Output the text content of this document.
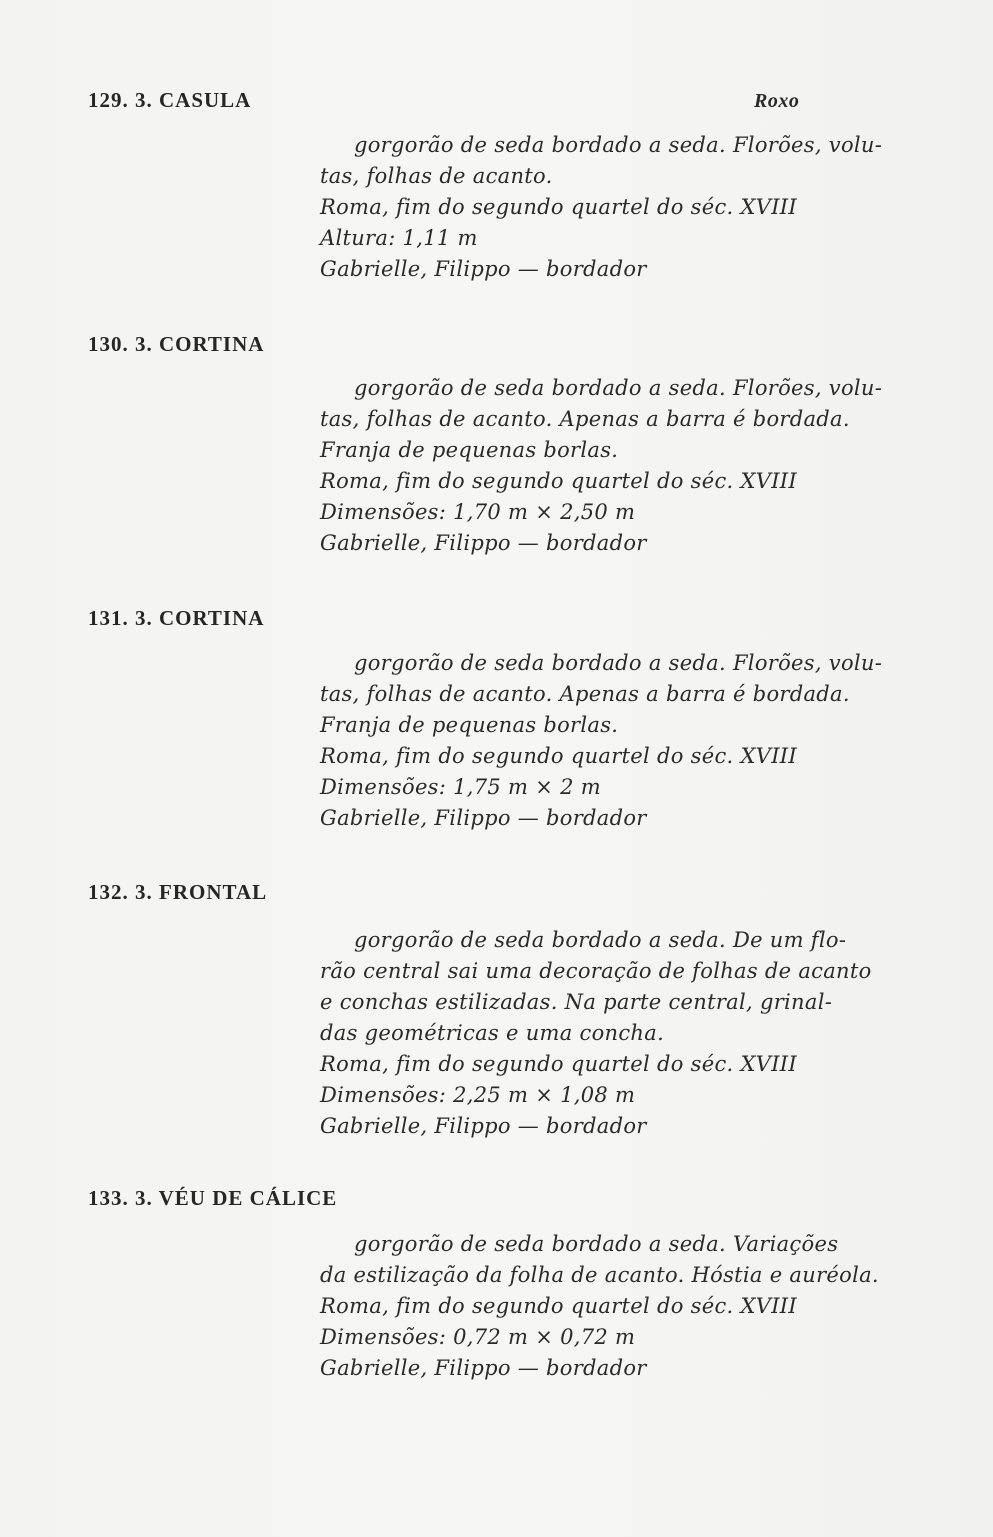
Roxo
129. 3. CASULA
gorgorão de seda bordado a seda. Florões, volu-
tas, folhas de acanto.
Roma, fim do segundo quartel do séc. XVIII
Altura: 1,11 m
Gabrielle, Filippo — bordador
130. 3. CORTINA
gorgorão de seda bordado a seda. Florões, volu-
tas, folhas de acanto. Apenas a barra é bordada.
Franja de pequenas borlas.
Roma, fim do segundo quartel do séc. XVIII
Dimensões: 1,70 m × 2,50 m
Gabrielle, Filippo — bordador
131. 3. CORTINA
gorgorão de seda bordado a seda. Florões, volu-
tas, folhas de acanto. Apenas a barra é bordada.
Franja de pequenas borlas.
Roma, fim do segundo quartel do séc. XVIII
Dimensões: 1,75 m × 2 m
Gabrielle, Filippo — bordador
132. 3. FRONTAL
gorgorão de seda bordado a seda. De um flo-
rão central sai uma decoração de folhas de acanto
e conchas estilizadas. Na parte central, grinal-
das geométricas e uma concha.
Roma, fim do segundo quartel do séc. XVIII
Dimensões: 2,25 m × 1,08 m
Gabrielle, Filippo — bordador
133. 3. VÉU DE CÁLICE
gorgorão de seda bordado a seda. Variações
da estilização da folha de acanto. Hóstia e auréola.
Roma, fim do segundo quartel do séc. XVIII
Dimensões: 0,72 m × 0,72 m
Gabrielle, Filippo — bordador
